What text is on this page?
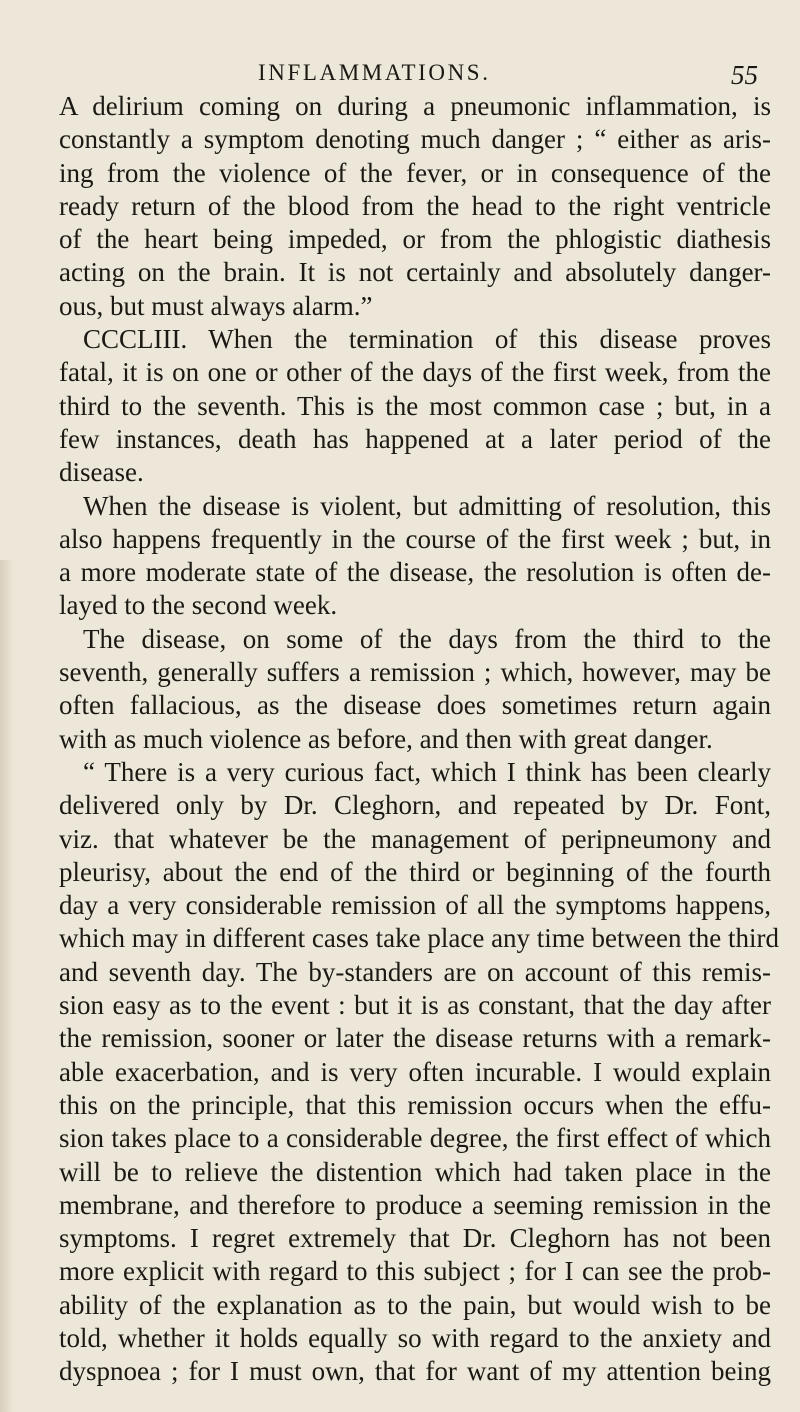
INFLAMMATIONS.	55
A delirium coming on during a pneumonic inflammation, is
constantly a symptom denoting much danger ; “ either as aris-
ing from the violence of the fever, or in consequence of the
ready return of the blood from the head to the right ventricle
of the heart being impeded, or from the phlogistic diathesis
acting on the brain. It is not certainly and absolutely danger-
ous, but must always alarm.”
CCCLIII. When the termination of this disease proves
fatal, it is on one or other of the days of the first week, from the
third to the seventh. This is the most common case ; but, in a
few instances, death has happened at a later period of the
disease.
When the disease is violent, but admitting of resolution, this
also happens frequently in the course of the first week ; but, in
a more moderate state of the disease, the resolution is often de-
layed to the second week.
The disease, on some of the days from the third to the
seventh, generally suffers a remission ; which, however, may be
often fallacious, as the disease does sometimes return again
with as much violence as before, and then with great danger.
“ There is a very curious fact, which I think has been clearly
delivered only by Dr. Cleghorn, and repeated by Dr. Font,
viz. that whatever be the management of peripneumony and
pleurisy, about the end of the third or beginning of the fourth
day a very considerable remission of all the symptoms happens,
which may in different cases take place any time between the third
and seventh day. The by-standers are on account of this remis-
sion easy as to the event : but it is as constant, that the day after
the remission, sooner or later the disease returns with a remark-
able exacerbation, and is very often incurable. I would explain
this on the principle, that this remission occurs when the effu-
sion takes place to a considerable degree, the first effect of which
will be to relieve the distention which had taken place in the
membrane, and therefore to produce a seeming remission in the
symptoms. I regret extremely that Dr. Cleghorn has not been
more explicit with regard to this subject ; for I can see the prob-
ability of the explanation as to the pain, but would wish to be
told, whether it holds equally so with regard to the anxiety and
dyspnoea ; for I must own, that for want of my attention being
